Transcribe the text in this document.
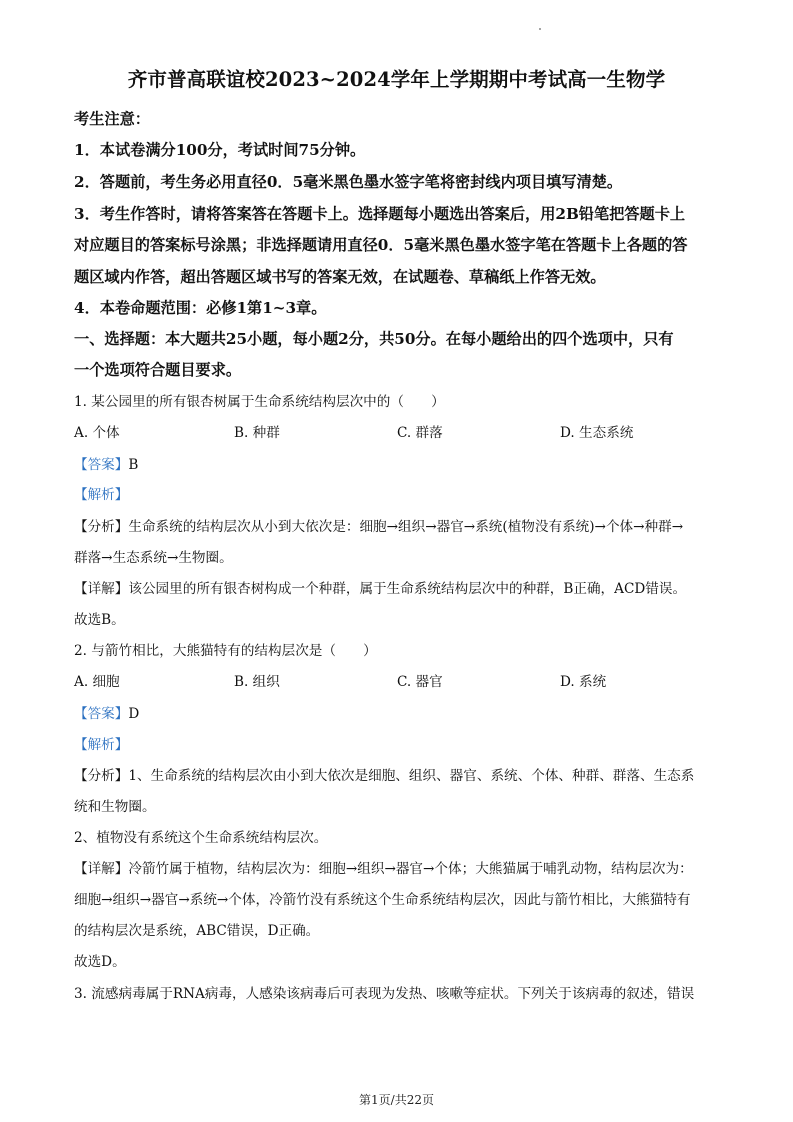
齐市普高联谊校2023~2024学年上学期期中考试高一生物学
考生注意：
1．本试卷满分100分，考试时间75分钟。
2．答题前，考生务必用直径0．5毫米黑色墨水签字笔将密封线内项目填写清楚。
3．考生作答时，请将答案答在答题卡上。选择题每小题选出答案后，用2B铅笔把答题卡上
对应题目的答案标号涂黑；非选择题请用直径0．5毫米黑色墨水签字笔在答题卡上各题的答
题区域内作答，超出答题区域书写的答案无效，在试题卷、草稿纸上作答无效。
4．本卷命题范围：必修1第1~3章。
一、选择题：本大题共25小题，每小题2分，共50分。在每小题给出的四个选项中，只有
一个选项符合题目要求。
1. 某公园里的所有银杏树属于生命系统结构层次中的（　　）
A. 个体	B. 种群	C. 群落	D. 生态系统
【答案】B
【解析】
【分析】生命系统的结构层次从小到大依次是：细胞→组织→器官→系统(植物没有系统)→个体→种群→
群落→生态系统→生物圈。
【详解】该公园里的所有银杏树构成一个种群，属于生命系统结构层次中的种群，B正确，ACD错误。
故选B。
2. 与箭竹相比，大熊猫特有的结构层次是（　　）
A. 细胞	B. 组织	C. 器官	D. 系统
【答案】D
【解析】
【分析】1、生命系统的结构层次由小到大依次是细胞、组织、器官、系统、个体、种群、群落、生态系
统和生物圈。
2、植物没有系统这个生命系统结构层次。
【详解】冷箭竹属于植物，结构层次为：细胞→组织→器官→个体；大熊猫属于哺乳动物，结构层次为：
细胞→组织→器官→系统→个体，冷箭竹没有系统这个生命系统结构层次，因此与箭竹相比，大熊猫特有
的结构层次是系统，ABC错误，D正确。
故选D。
3. 流感病毒属于RNA病毒，人感染该病毒后可表现为发热、咳嗽等症状。下列关于该病毒的叙述，错误
第1页/共22页
